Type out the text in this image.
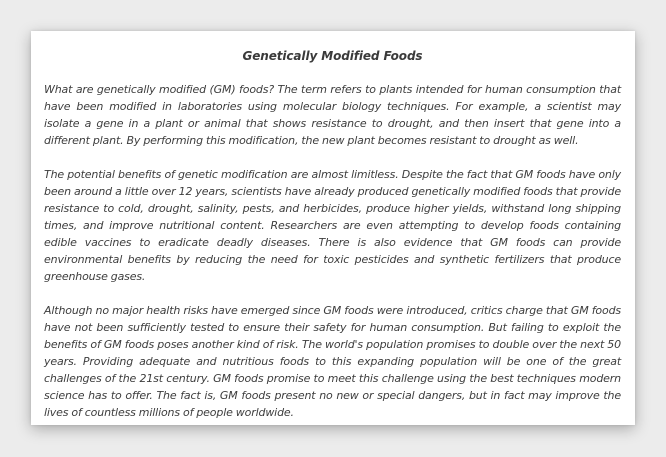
Genetically Modified Foods

What are genetically modified (GM) foods? The term refers to plants intended for human consumption that have been modified in laboratories using molecular biology techniques. For example, a scientist may isolate a gene in a plant or animal that shows resistance to drought, and then insert that gene into a different plant. By performing this modification, the new plant becomes resistant to drought as well.

The potential benefits of genetic modification are almost limitless. Despite the fact that GM foods have only been around a little over 12 years, scientists have already produced genetically modified foods that provide resistance to cold, drought, salinity, pests, and herbicides, produce higher yields, withstand long shipping times, and improve nutritional content. Researchers are even attempting to develop foods containing edible vaccines to eradicate deadly diseases. There is also evidence that GM foods can provide environmental benefits by reducing the need for toxic pesticides and synthetic fertilizers that produce greenhouse gases.

Although no major health risks have emerged since GM foods were introduced, critics charge that GM foods have not been sufficiently tested to ensure their safety for human consumption. But failing to exploit the benefits of GM foods poses another kind of risk. The world's population promises to double over the next 50 years. Providing adequate and nutritious foods to this expanding population will be one of the great challenges of the 21st century. GM foods promise to meet this challenge using the best techniques modern science has to offer. The fact is, GM foods present no new or special dangers, but in fact may improve the lives of countless millions of people worldwide.
